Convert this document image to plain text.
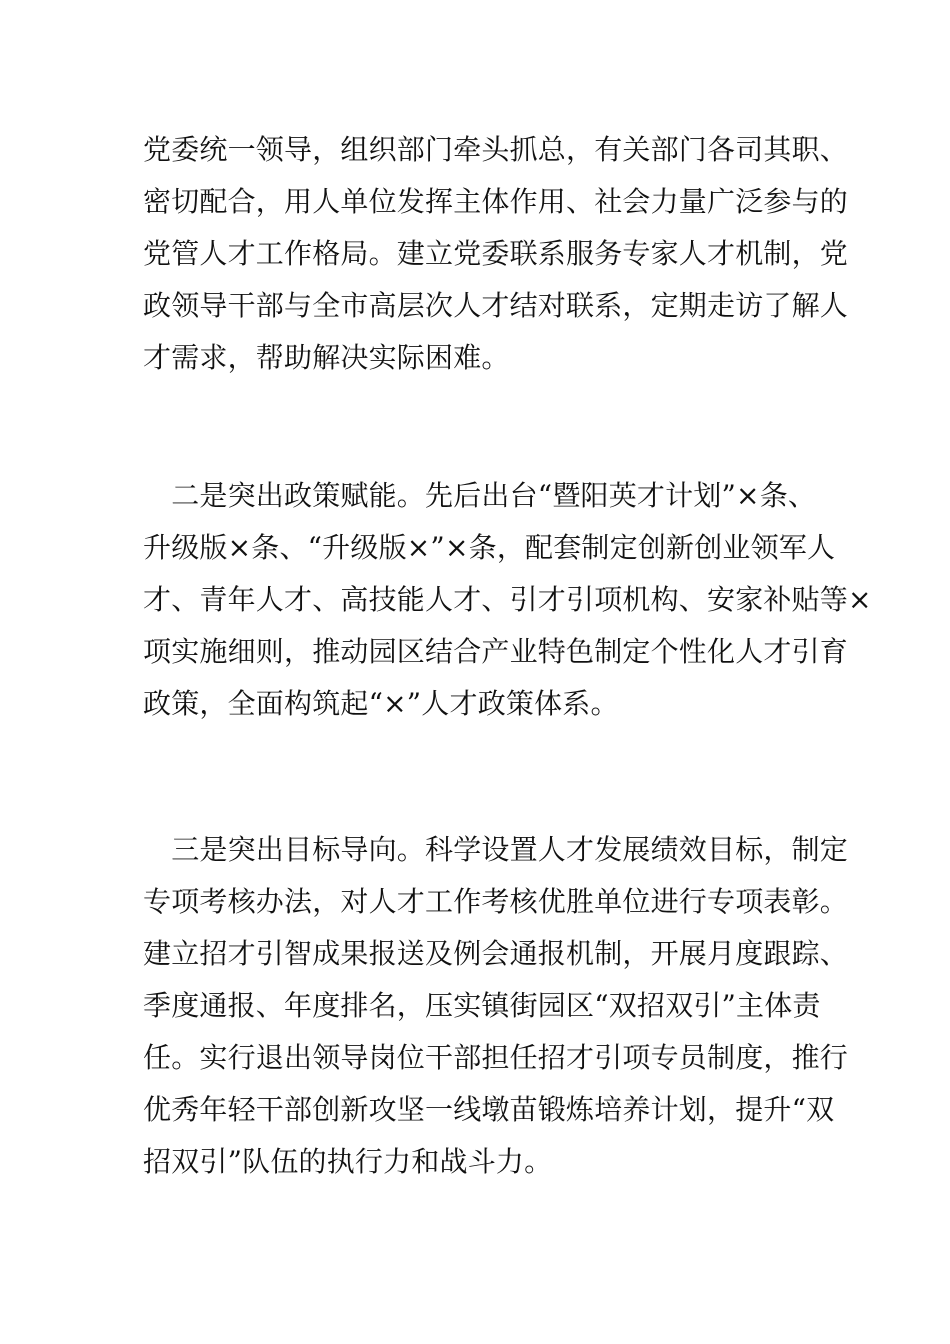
党委统一领导，组织部门牵头抓总，有关部门各司其职、
密切配合，用人单位发挥主体作用、社会力量广泛参与的
党管人才工作格局。建立党委联系服务专家人才机制，党
政领导干部与全市高层次人才结对联系，定期走访了解人
才需求，帮助解决实际困难。

　二是突出政策赋能。先后出台“暨阳英才计划”×条、
升级版×条、“升级版×”×条，配套制定创新创业领军人
才、青年人才、高技能人才、引才引项机构、安家补贴等×
项实施细则，推动园区结合产业特色制定个性化人才引育
政策，全面构筑起“×”人才政策体系。

　三是突出目标导向。科学设置人才发展绩效目标，制定
专项考核办法，对人才工作考核优胜单位进行专项表彰。
建立招才引智成果报送及例会通报机制，开展月度跟踪、
季度通报、年度排名，压实镇街园区“双招双引”主体责
任。实行退出领导岗位干部担任招才引项专员制度，推行
优秀年轻干部创新攻坚一线墩苗锻炼培养计划，提升“双
招双引”队伍的执行力和战斗力。
